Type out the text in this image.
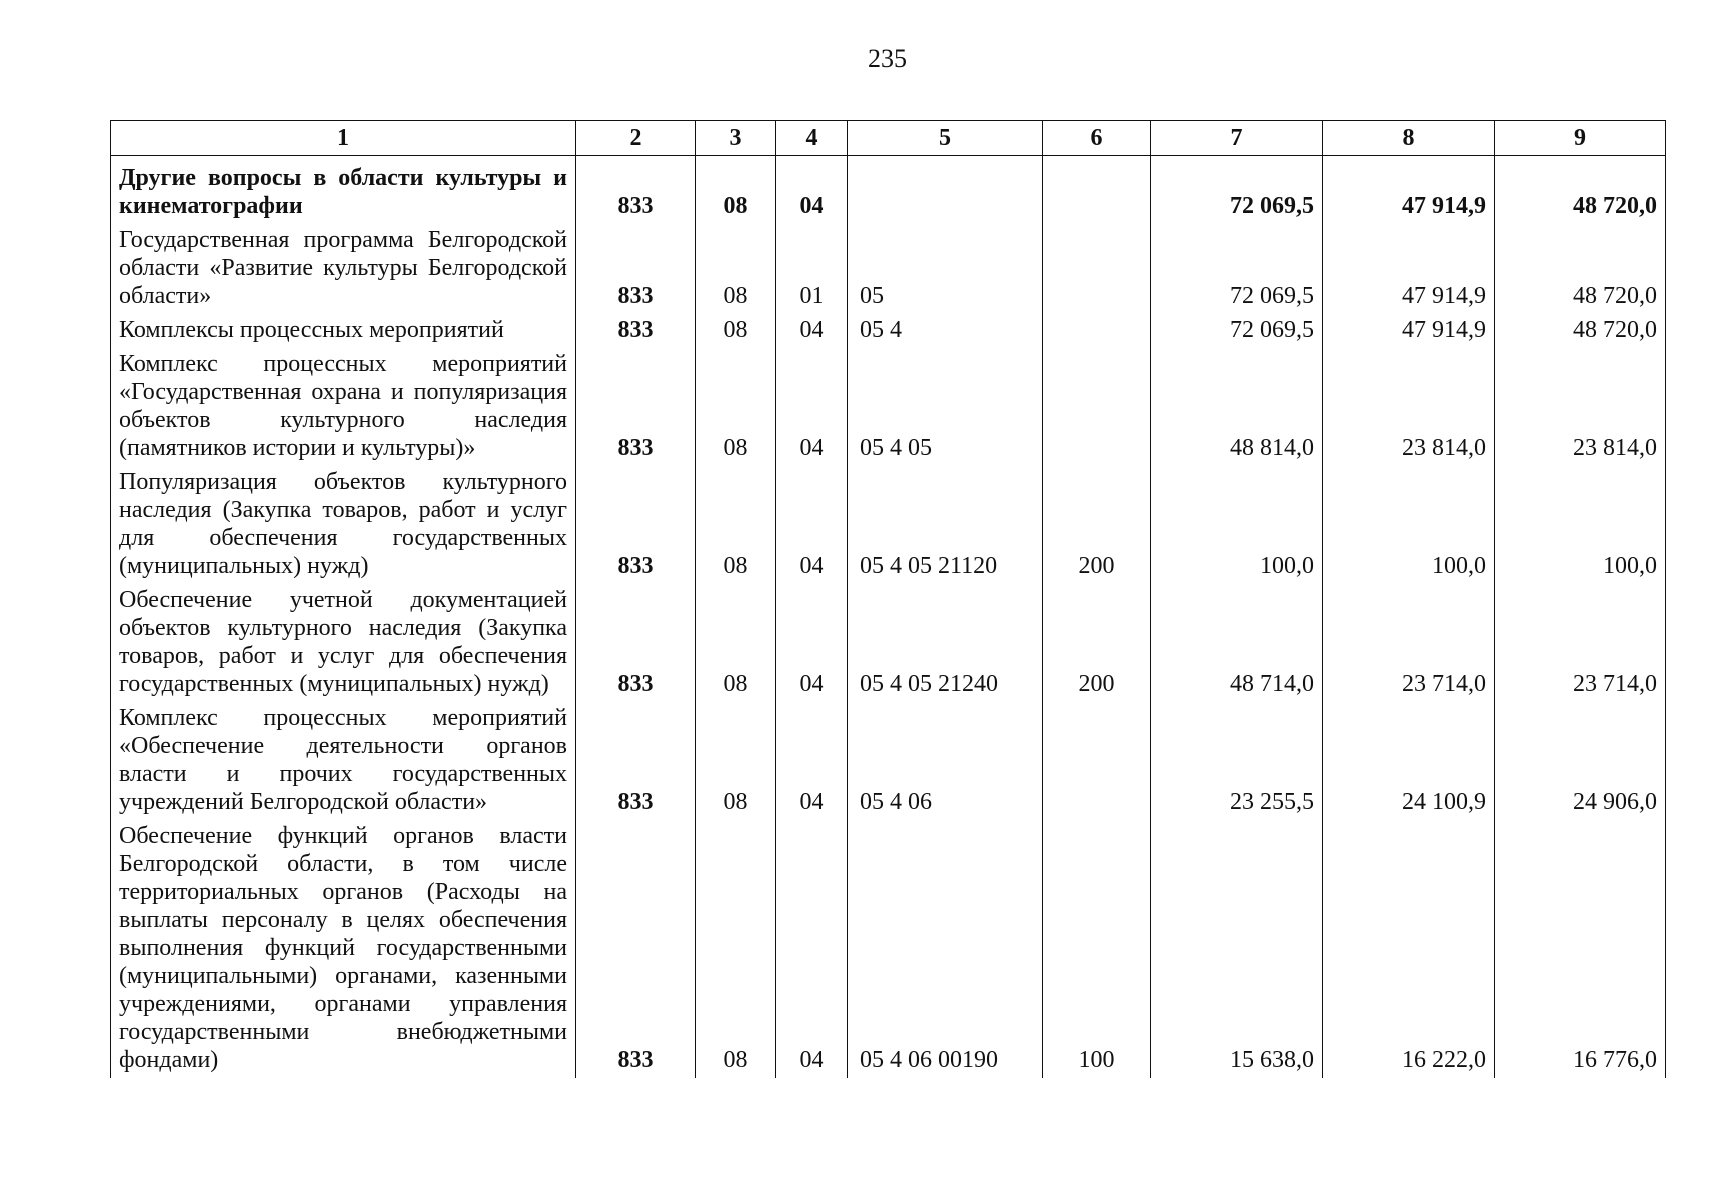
235
1	2	3	4	5	6	7	8	9
Другие вопросы в области культуры и кинематографии	833	08	04			72 069,5	47 914,9	48 720,0
Государственная программа Белгородской области «Развитие культуры Белгородской области»	833	08	01	05		72 069,5	47 914,9	48 720,0
Комплексы процессных мероприятий	833	08	04	05 4		72 069,5	47 914,9	48 720,0
Комплекс процессных мероприятий «Государственная охрана и популяризация объектов культурного наследия (памятников истории и культуры)»	833	08	04	05 4 05		48 814,0	23 814,0	23 814,0
Популяризация объектов культурного наследия (Закупка товаров, работ и услуг для обеспечения государственных (муниципальных) нужд)	833	08	04	05 4 05 21120	200	100,0	100,0	100,0
Обеспечение учетной документацией объектов культурного наследия (Закупка товаров, работ и услуг для обеспечения государственных (муниципальных) нужд)	833	08	04	05 4 05 21240	200	48 714,0	23 714,0	23 714,0
Комплекс процессных мероприятий «Обеспечение деятельности органов власти и прочих государственных учреждений Белгородской области»	833	08	04	05 4 06		23 255,5	24 100,9	24 906,0
Обеспечение функций органов власти Белгородской области, в том числе территориальных органов (Расходы на выплаты персоналу в целях обеспечения выполнения функций государственными (муниципальными) органами, казенными учреждениями, органами управления государственными внебюджетными фондами)	833	08	04	05 4 06 00190	100	15 638,0	16 222,0	16 776,0
